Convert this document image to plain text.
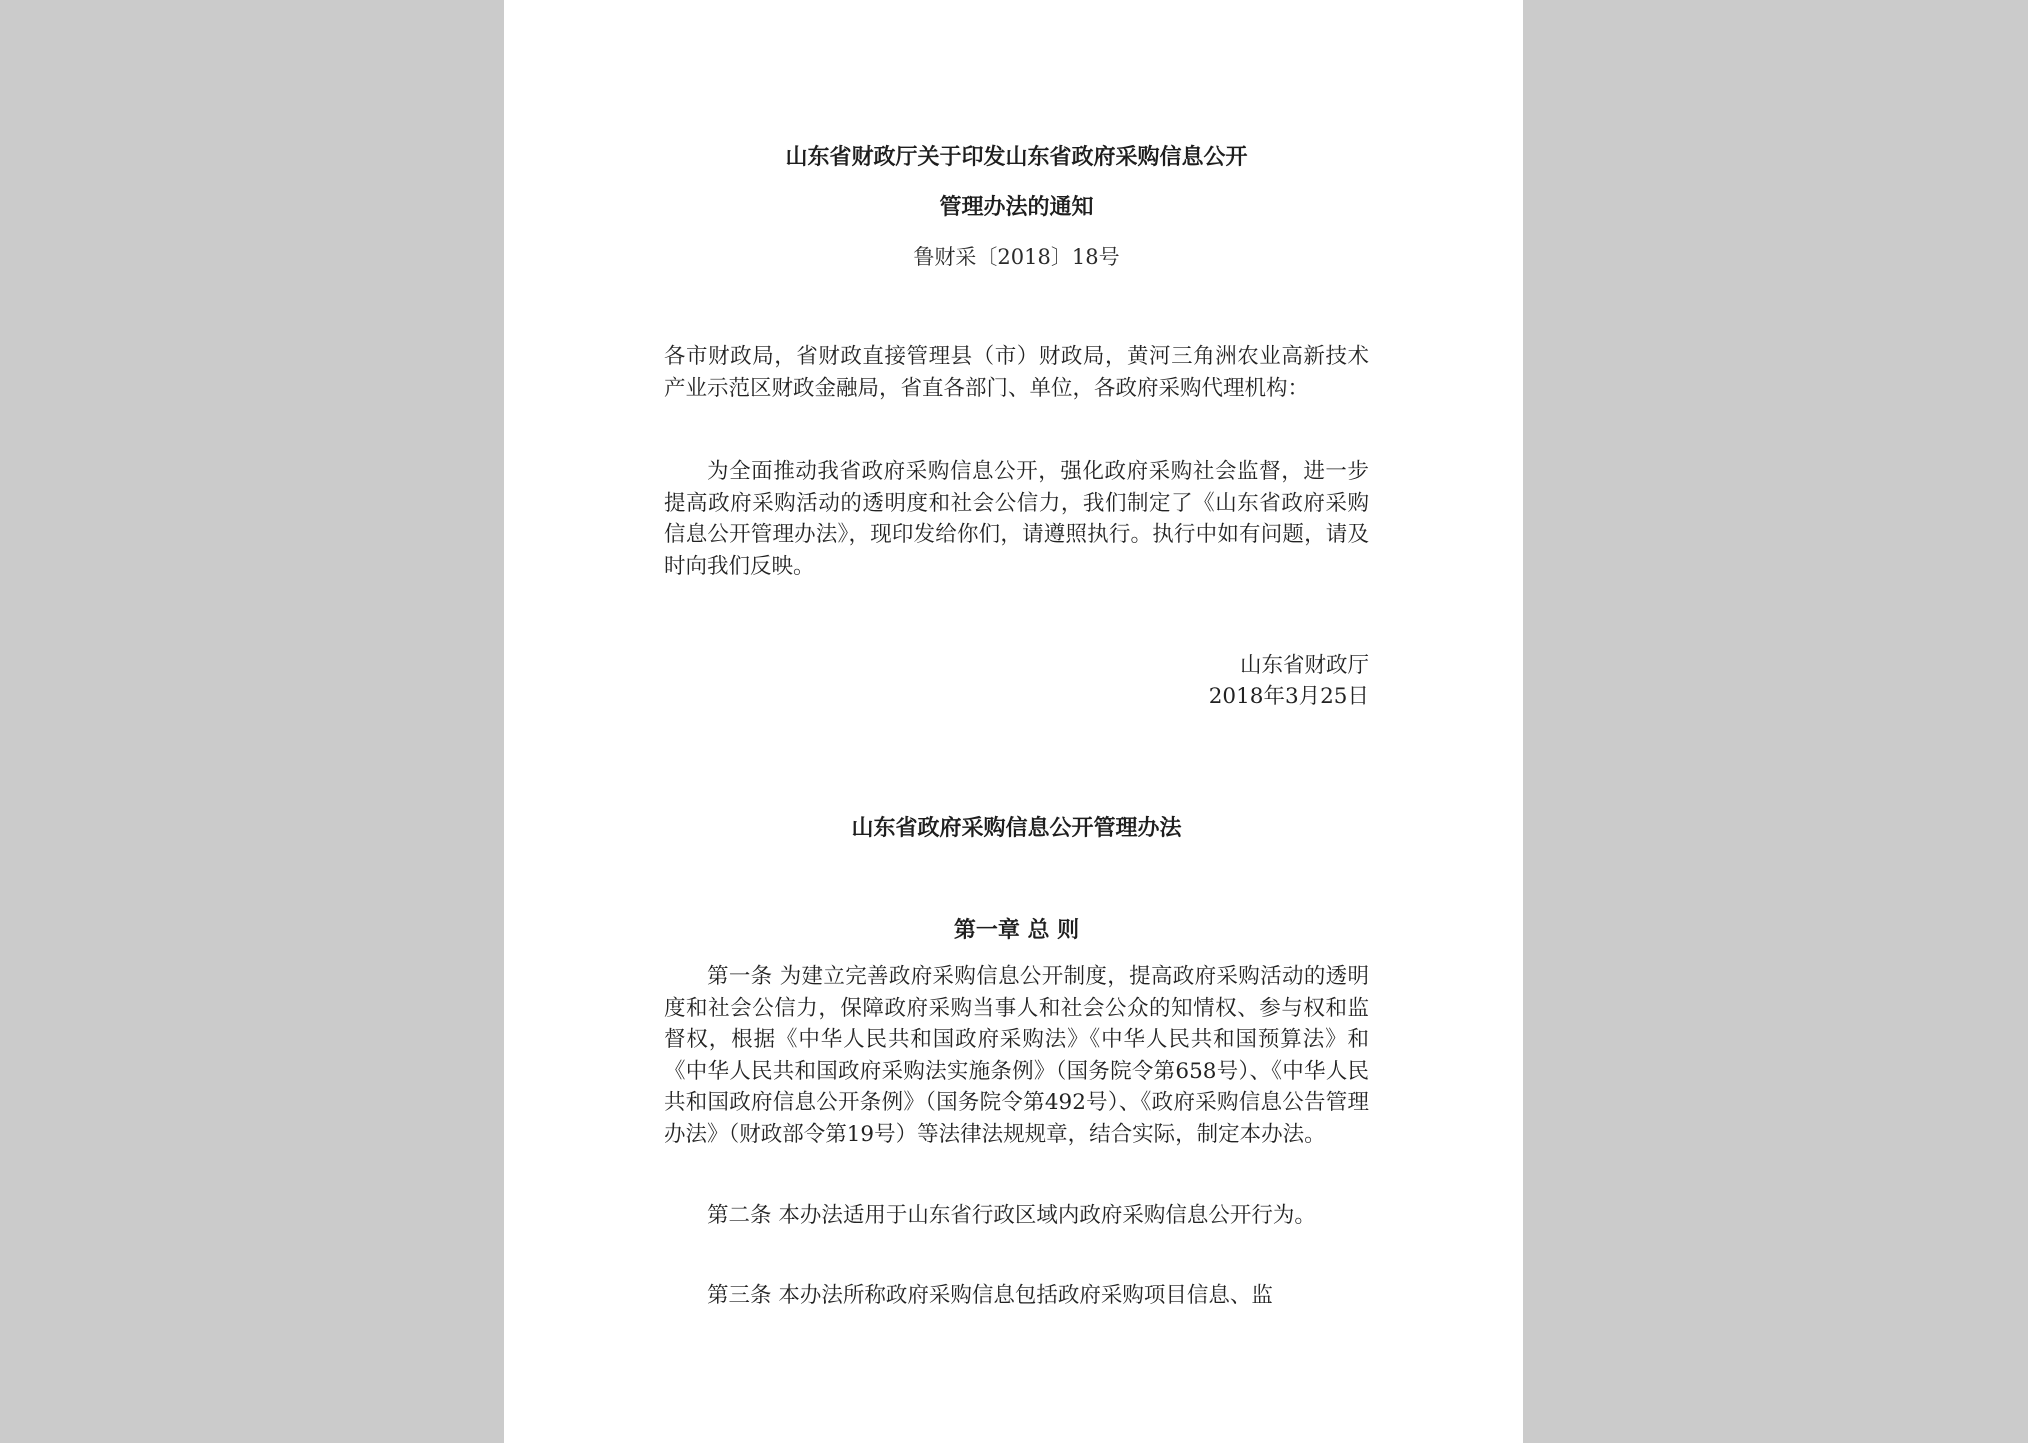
山东省财政厅关于印发山东省政府采购信息公开
管理办法的通知
鲁财采〔2018〕18号

各市财政局，省财政直接管理县（市）财政局，黄河三角洲农业高新技术产业示范区财政金融局，省直各部门、单位，各政府采购代理机构：

为全面推动我省政府采购信息公开，强化政府采购社会监督，进一步提高政府采购活动的透明度和社会公信力，我们制定了《山东省政府采购信息公开管理办法》，现印发给你们，请遵照执行。执行中如有问题，请及时向我们反映。

山东省财政厅
2018年3月25日
山东省政府采购信息公开管理办法
第一章 总 则

第一条 为建立完善政府采购信息公开制度，提高政府采购活动的透明度和社会公信力，保障政府采购当事人和社会公众的知情权、参与权和监督权，根据《中华人民共和国政府采购法》《中华人民共和国预算法》和《中华人民共和国政府采购法实施条例》（国务院令第658号）、《中华人民共和国政府信息公开条例》（国务院令第492号）、《政府采购信息公告管理办法》（财政部令第19号）等法律法规规章，结合实际，制定本办法。

第二条 本办法适用于山东省行政区域内政府采购信息公开行为。

第三条 本办法所称政府采购信息包括政府采购项目信息、监
